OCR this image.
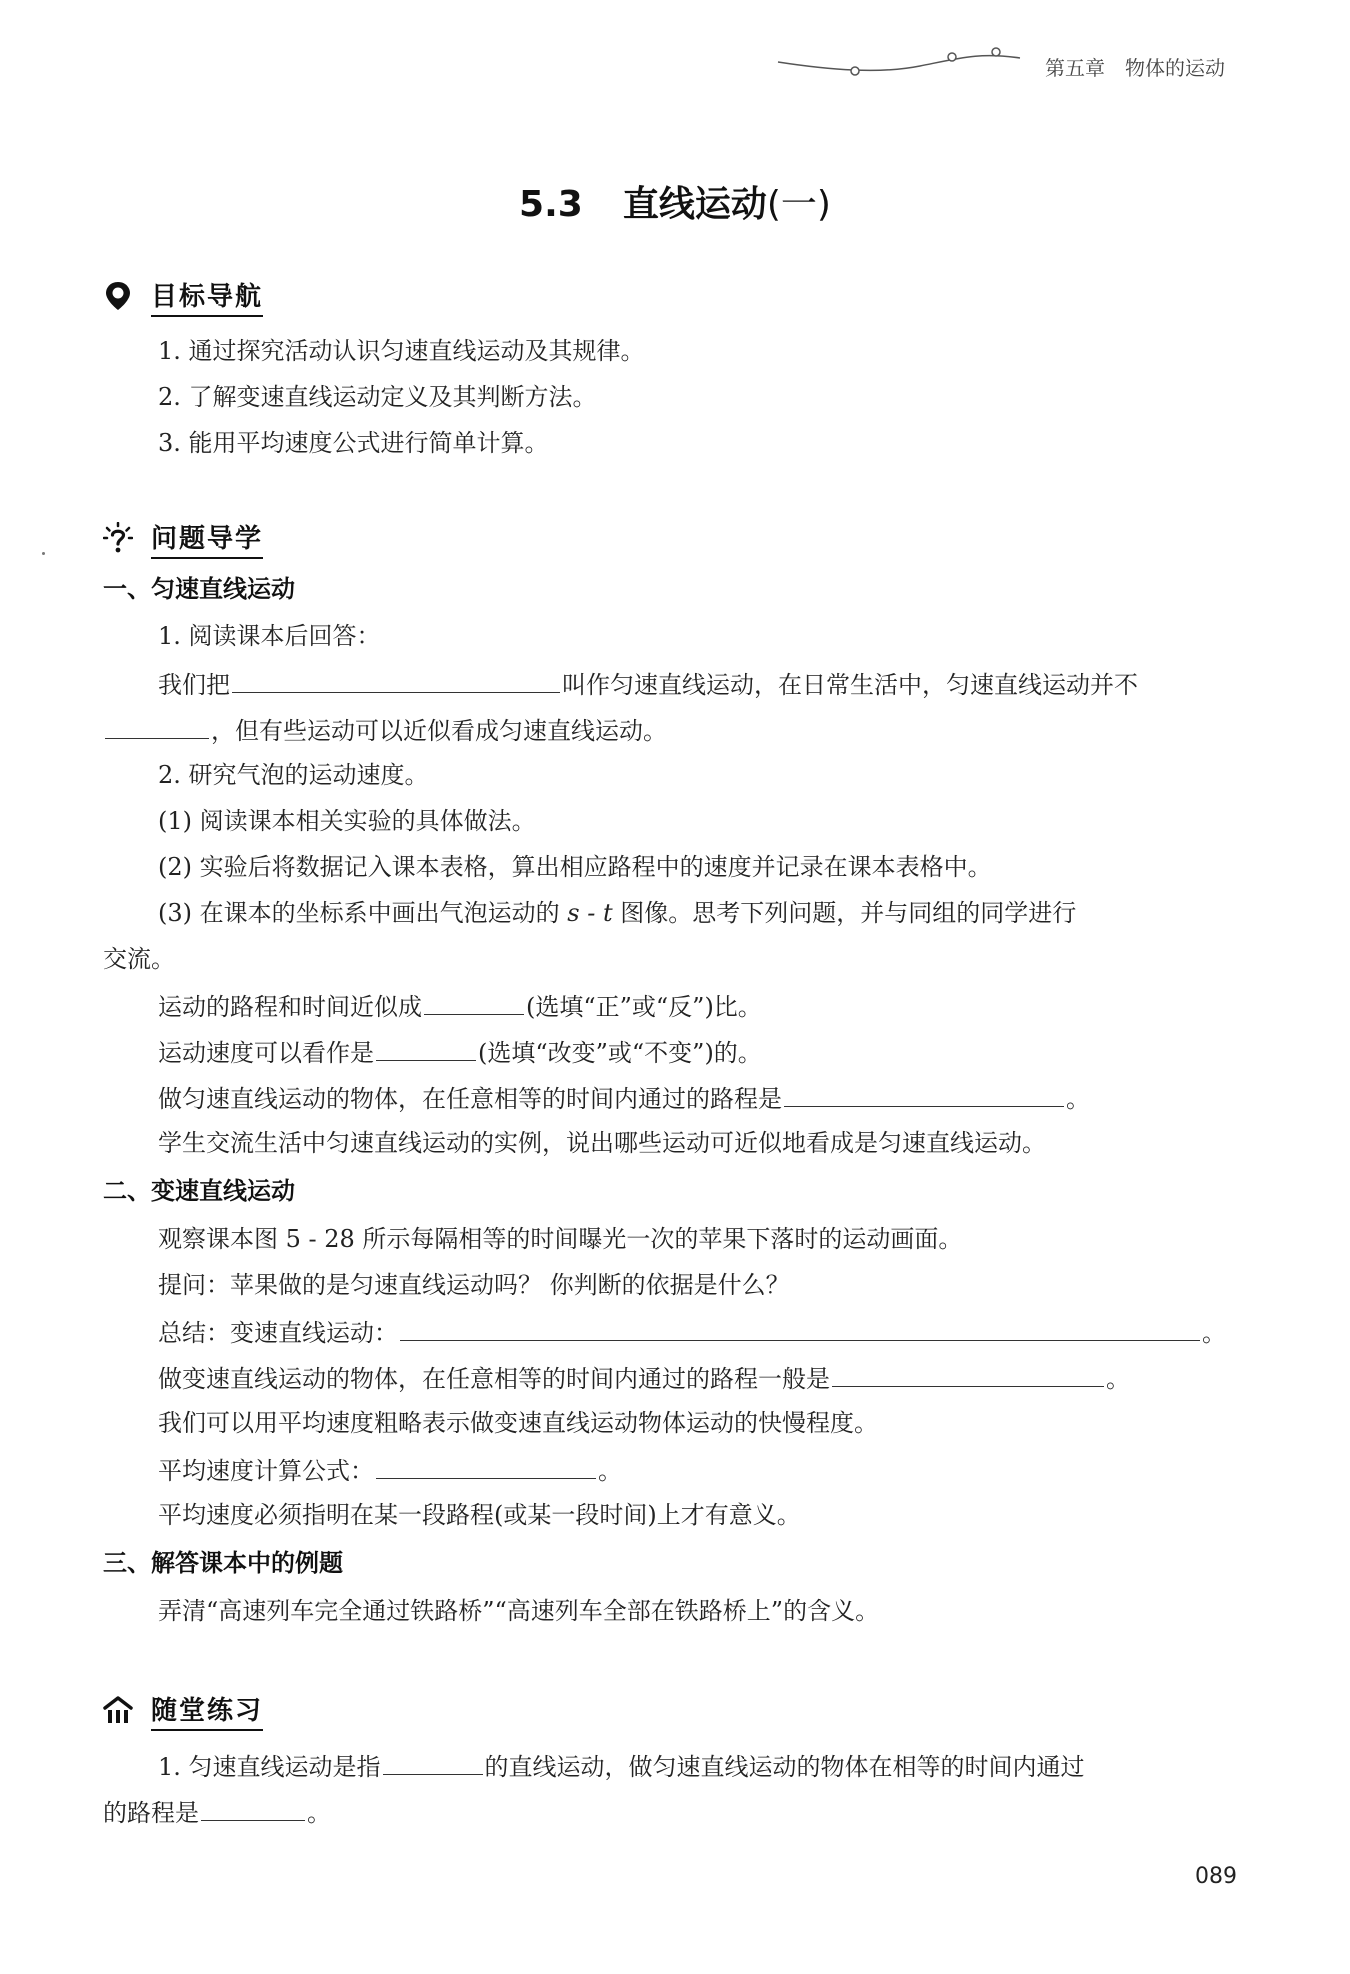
第五章　物体的运动
5.3 直线运动(一)
目标导航
1. 通过探究活动认识匀速直线运动及其规律。
2. 了解变速直线运动定义及其判断方法。
3. 能用平均速度公式进行简单计算。
问题导学
一、匀速直线运动
1. 阅读课本后回答：
我们把	叫作匀速直线运动，在日常生活中，匀速直线运动并不
，但有些运动可以近似看成匀速直线运动。
2. 研究气泡的运动速度。
(1) 阅读课本相关实验的具体做法。
(2) 实验后将数据记入课本表格，算出相应路程中的速度并记录在课本表格中。
(3) 在课本的坐标系中画出气泡运动的 s - t 图像。思考下列问题，并与同组的同学进行
交流。
运动的路程和时间近似成	(选填“正”或“反”)比。
运动速度可以看作是	(选填“改变”或“不变”)的。
做匀速直线运动的物体，在任意相等的时间内通过的路程是	。
学生交流生活中匀速直线运动的实例，说出哪些运动可近似地看成是匀速直线运动。
二、变速直线运动
观察课本图 5 - 28 所示每隔相等的时间曝光一次的苹果下落时的运动画面。
提问：苹果做的是匀速直线运动吗？ 你判断的依据是什么？
总结：变速直线运动：	。
做变速直线运动的物体，在任意相等的时间内通过的路程一般是	。
我们可以用平均速度粗略表示做变速直线运动物体运动的快慢程度。
平均速度计算公式：	。
平均速度必须指明在某一段路程(或某一段时间)上才有意义。
三、解答课本中的例题
弄清“高速列车完全通过铁路桥”“高速列车全部在铁路桥上”的含义。
随堂练习
1. 匀速直线运动是指	的直线运动，做匀速直线运动的物体在相等的时间内通过
的路程是	。
089
